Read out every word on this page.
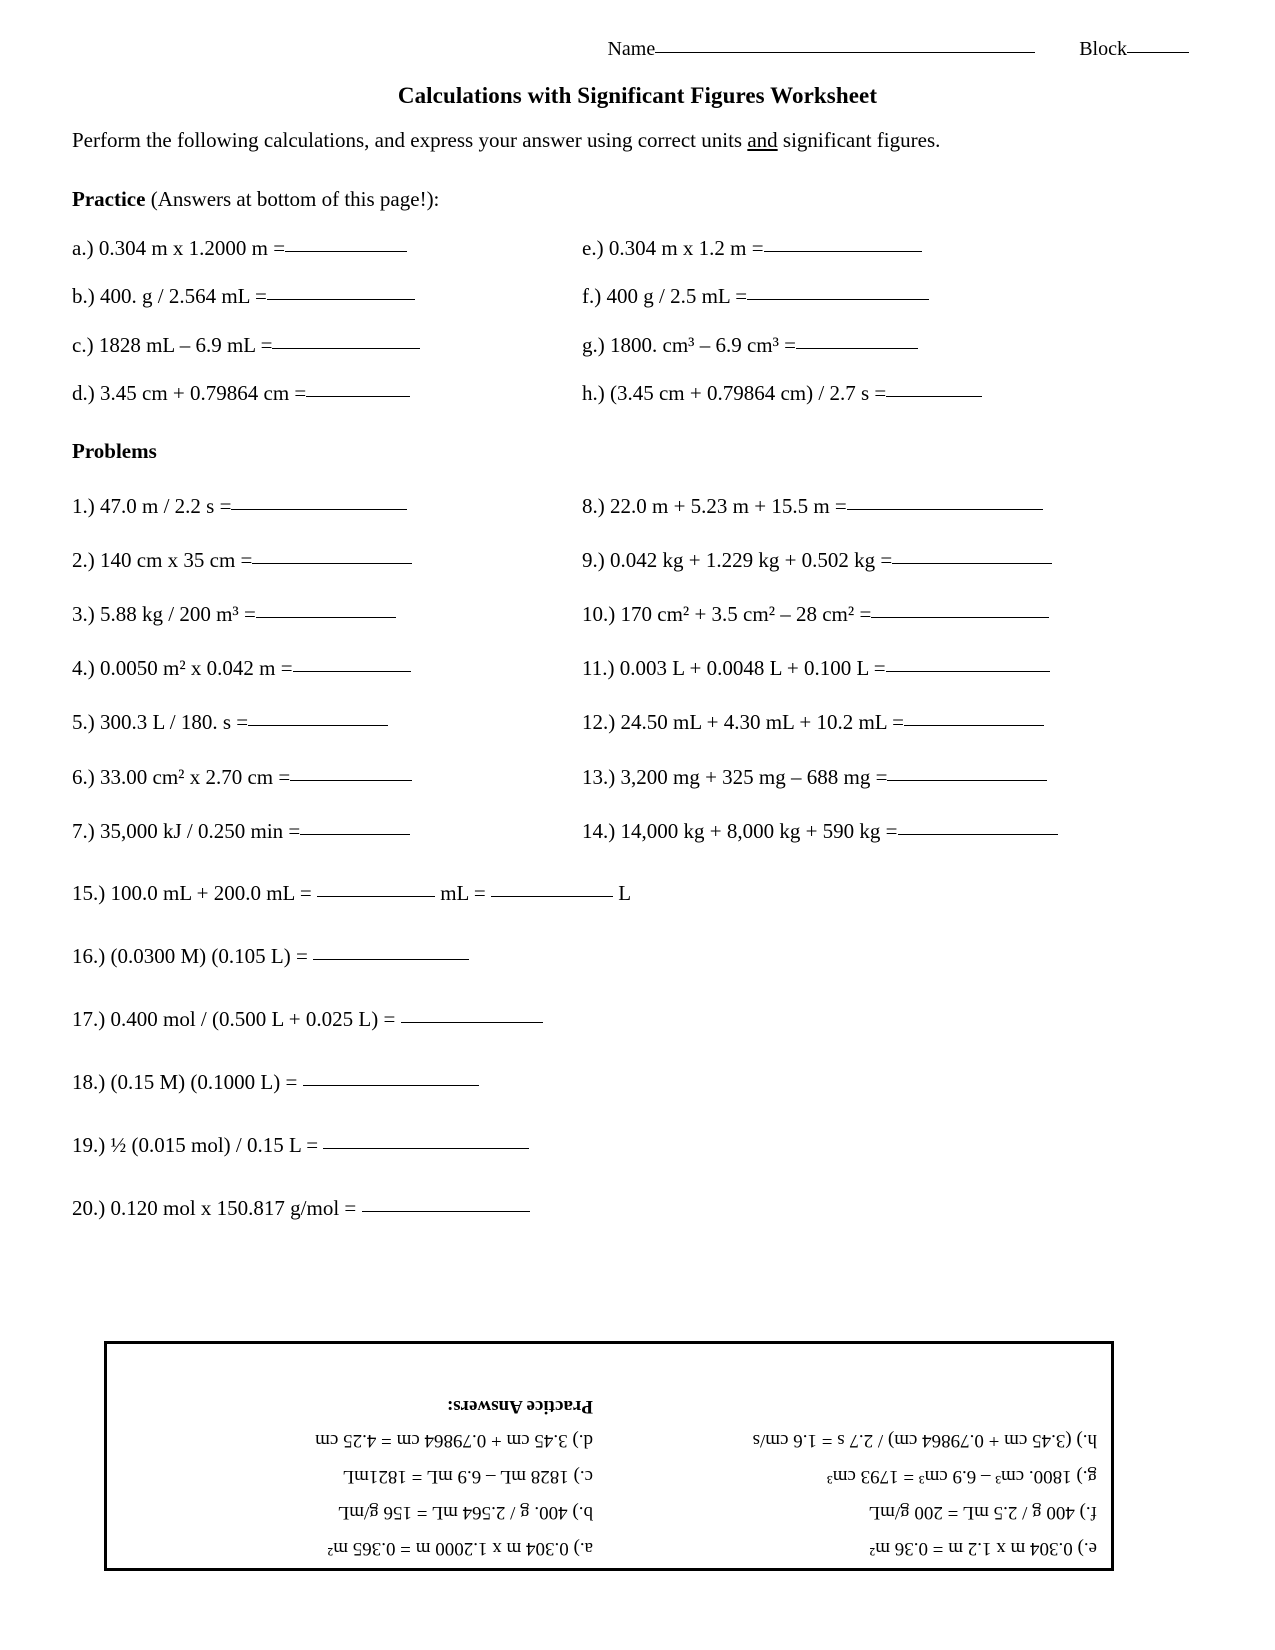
Name	Block
Calculations with Significant Figures Worksheet

Perform the following calculations, and express your answer using correct units and significant figures.

Practice (Answers at bottom of this page!):

a.) 0.304 m x 1.2000 m =
b.) 400. g / 2.564 mL =
c.) 1828 mL – 6.9 mL =
d.) 3.45 cm + 0.79864 cm =
e.) 0.304 m x 1.2 m =
f.) 400 g / 2.5 mL =
g.) 1800. cm³ – 6.9 cm³ =
h.) (3.45 cm + 0.79864 cm) / 2.7 s =

Problems

1.) 47.0 m / 2.2 s =
2.) 140 cm x 35 cm =
3.) 5.88 kg / 200 m³ =
4.) 0.0050 m² x 0.042 m =
5.) 300.3 L / 180. s =
6.) 33.00 cm² x 2.70 cm =
7.) 35,000 kJ / 0.250 min =
8.) 22.0 m + 5.23 m + 15.5 m =
9.) 0.042 kg + 1.229 kg + 0.502 kg =
10.) 170 cm² + 3.5 cm² – 28 cm² =
11.) 0.003 L + 0.0048 L + 0.100 L =
12.) 24.50 mL + 4.30 mL + 10.2 mL =
13.) 3,200 mg + 325 mg – 688 mg =
14.) 14,000 kg + 8,000 kg + 590 kg =
15.) 100.0 mL + 200.0 mL =	mL =	L
16.) (0.0300 M) (0.105 L) =
17.) 0.400 mol / (0.500 L + 0.025 L) =
18.) (0.15 M) (0.1000 L) =
19.) ½ (0.015 mol) / 0.15 L =
20.) 0.120 mol x 150.817 g/mol =
e.) 0.304 m x 1.2 m = 0.36 m²
f.) 400 g / 2.5 mL = 200 g/mL
g.) 1800. cm³ – 6.9 cm³ = 1793 cm³
h.) (3.45 cm + 0.79864 cm) / 2.7 s = 1.6 cm/s
a.) 0.304 m x 1.2000 m = 0.365 m²
b.) 400. g / 2.564 mL = 156 g/mL
c.) 1828 mL – 6.9 mL = 1821mL
d.) 3.45 cm + 0.79864 cm = 4.25 cm
Practice Answers:
